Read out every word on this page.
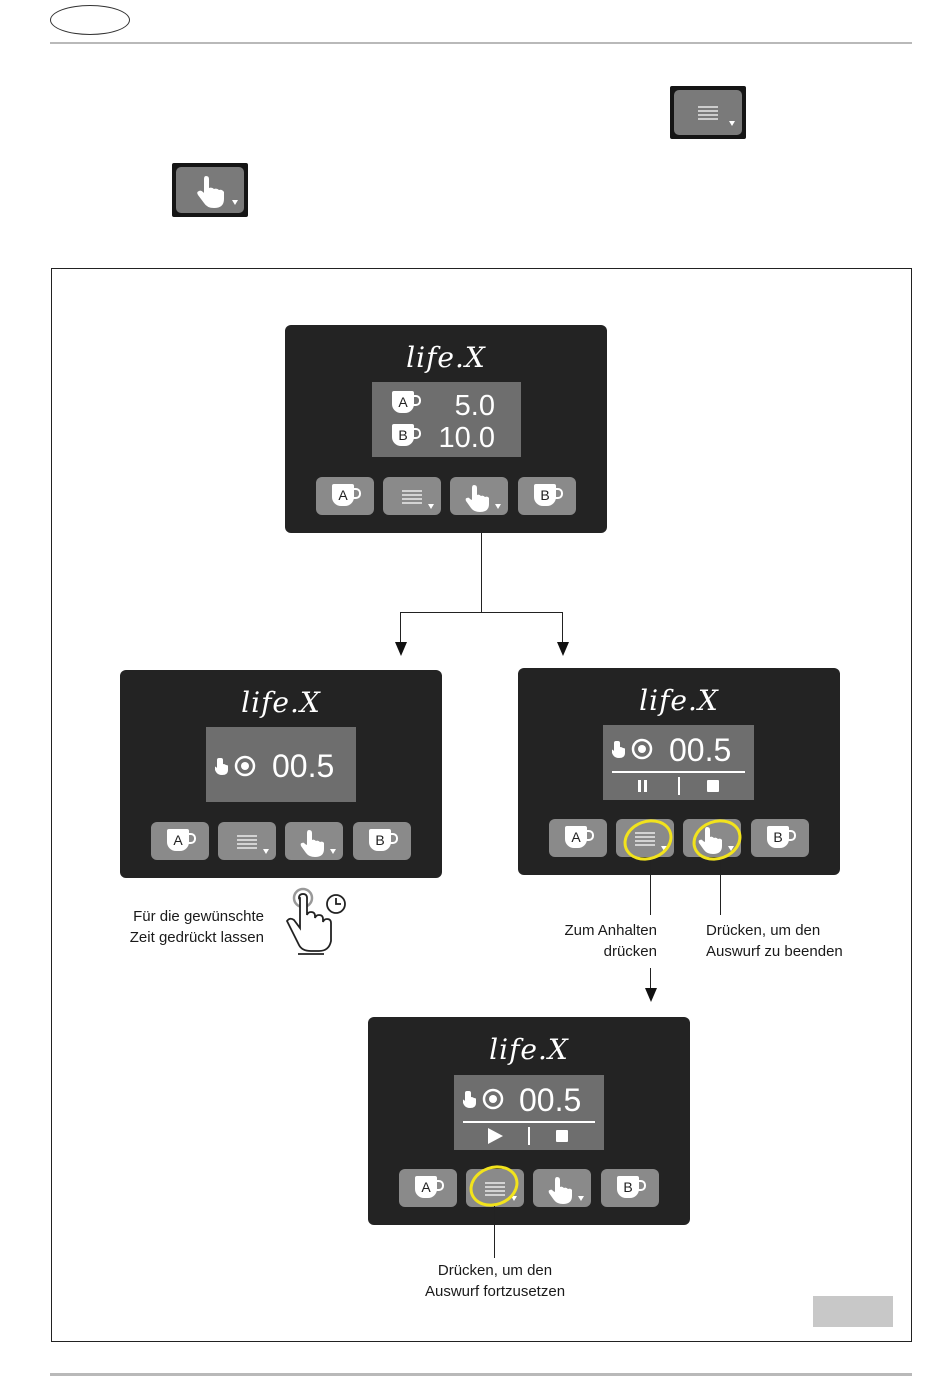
life.X
A 5.0
B 10.0
A	B
life.X
00.5
A	B
Für die gewünschte
Zeit gedrückt lassen
life.X
00.5
A	B
Zum Anhalten
drücken
Drücken, um den
Auswurf zu beenden
life.X
00.5
A	B
Drücken, um den
Auswurf fortzusetzen
